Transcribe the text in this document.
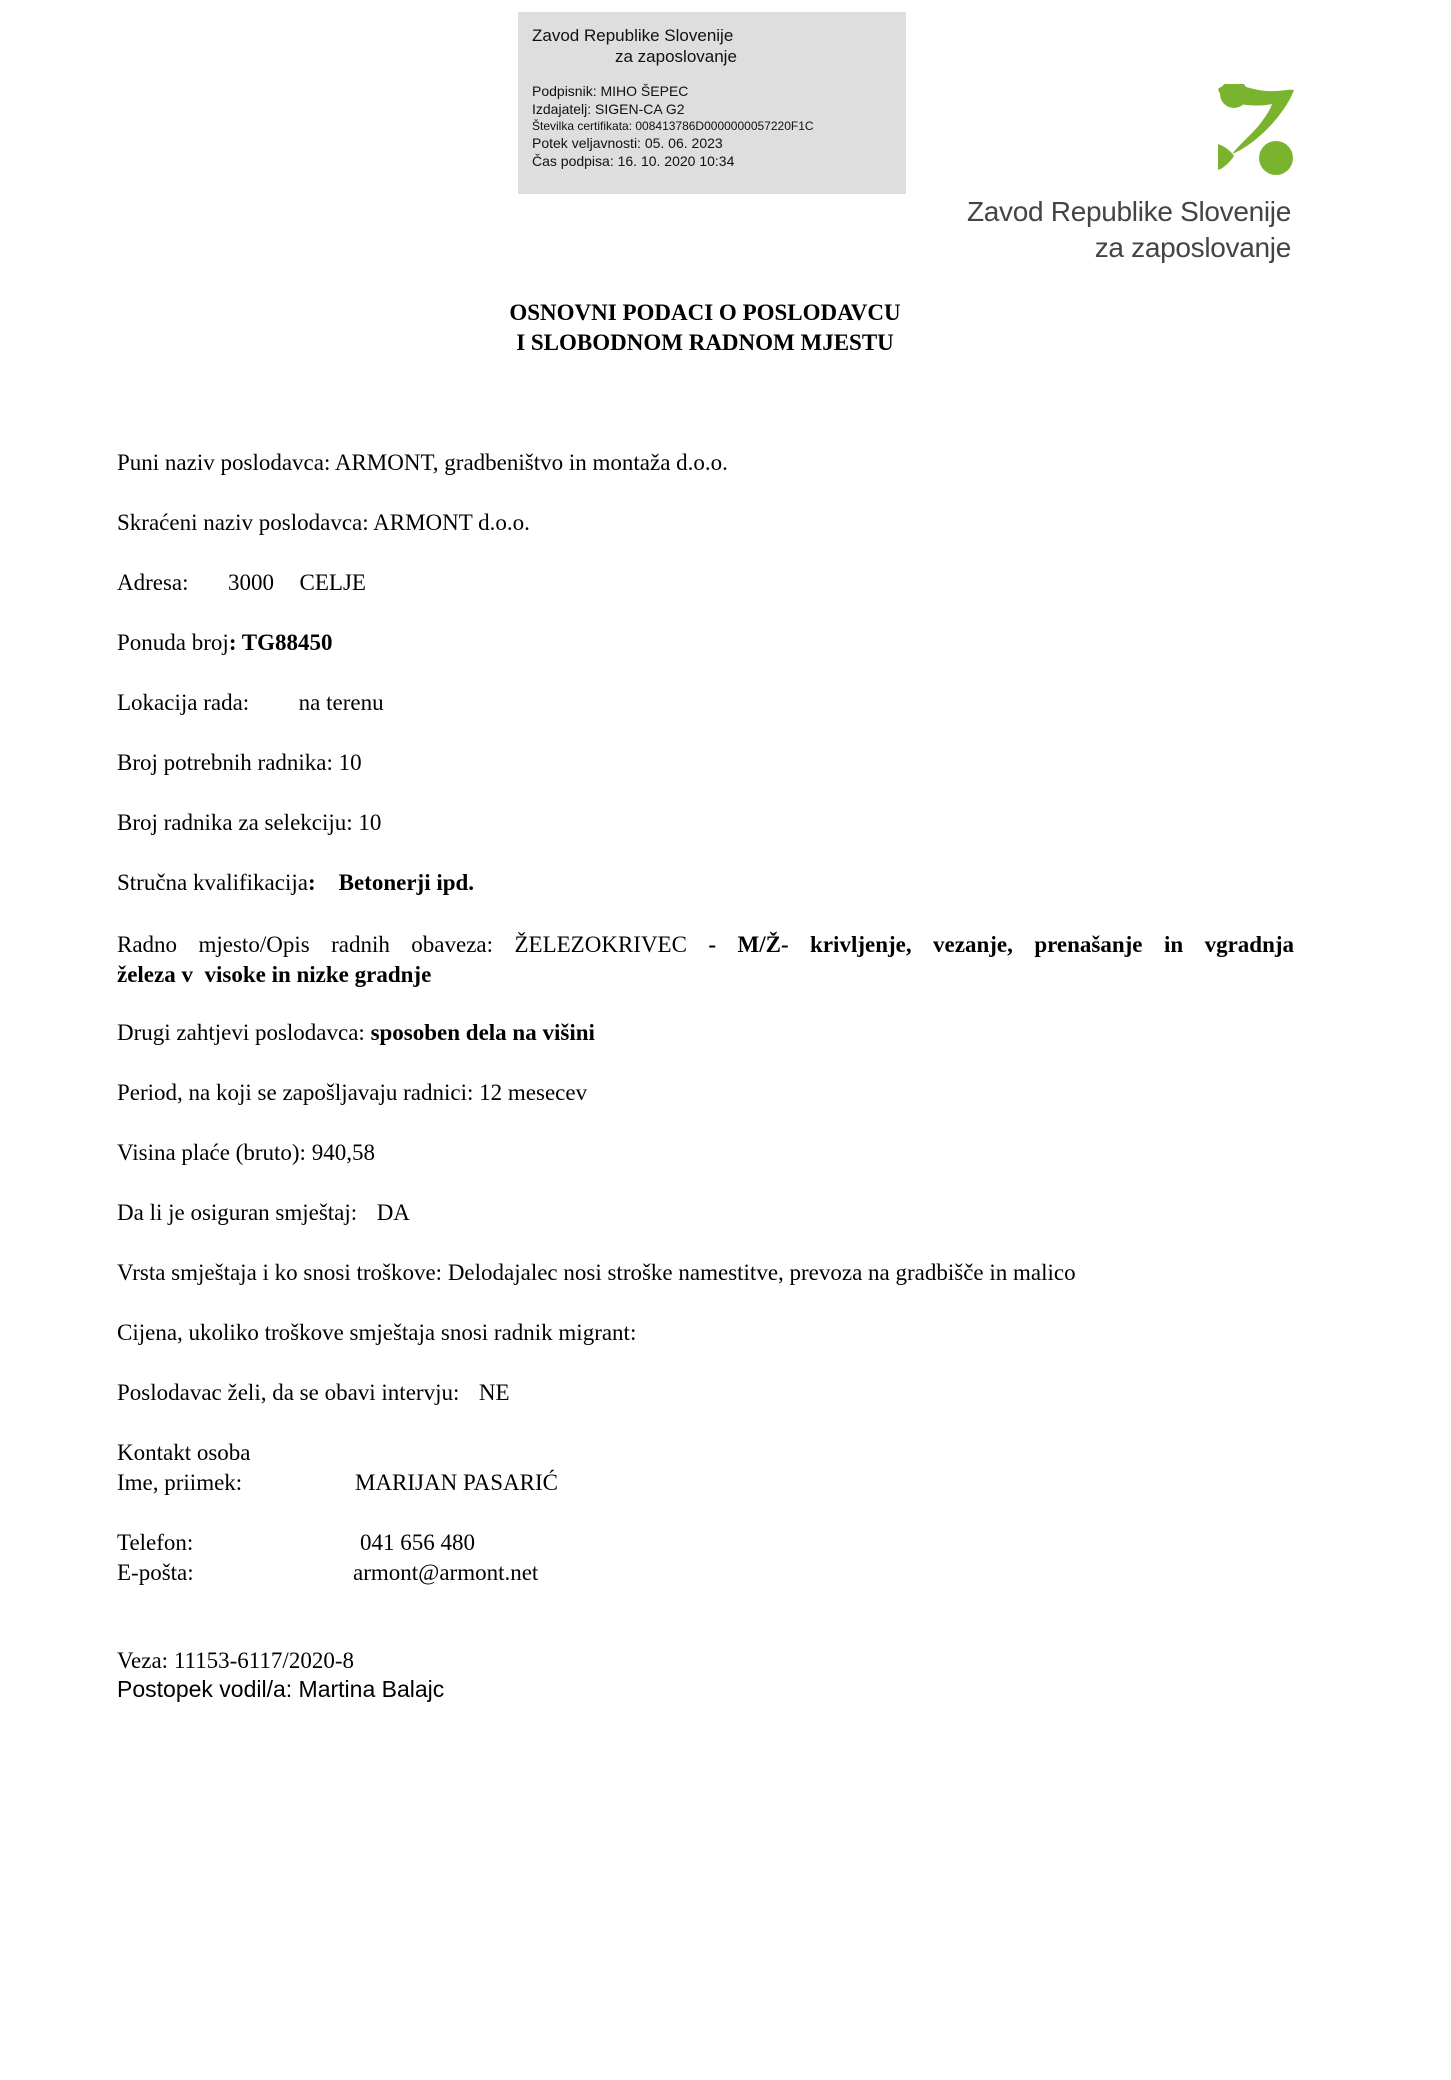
Zavod Republike Slovenije
za zaposlovanje
Podpisnik: MIHO ŠEPEC
Izdajatelj: SIGEN-CA G2
Številka certifikata: 008413786D0000000057220F1C
Potek veljavnosti: 05. 06. 2023
Čas podpisa: 16. 10. 2020 10:34
Zavod Republike Slovenije
za zaposlovanje
OSNOVNI PODACI O POSLODAVCU
I SLOBODNOM RADNOM MJESTU
Puni naziv poslodavca: ARMONT, gradbeništvo in montaža d.o.o.
Skraćeni naziv poslodavca: ARMONT d.o.o.
Adresa: 3000 CELJE
Ponuda broj: TG88450
Lokacija rada: na terenu
Broj potrebnih radnika: 10
Broj radnika za selekciju: 10
Stručna kvalifikacija:    Betonerji ipd.
Radno mjesto/Opis radnih obaveza: ŽELEZOKRIVEC - M/Ž- krivljenje, vezanje, prenašanje in vgradnja
železa v  visoke in nizke gradnje
Drugi zahtjevi poslodavca: sposoben dela na višini
Period, na koji se zapošljavaju radnici: 12 mesecev
Visina plaće (bruto): 940,58
Da li je osiguran smještaj: DA
Vrsta smještaja i ko snosi troškove: Delodajalec nosi stroške namestitve, prevoza na gradbišče in malico
Cijena, ukoliko troškove smještaja snosi radnik migrant:
Poslodavac želi, da se obavi intervju: NE
Kontakt osoba
Ime, priimek:	MARIJAN PASARIĆ
Telefon:	041 656 480
E-pošta:	armont@armont.net
Veza: 11153-6117/2020-8
Postopek vodil/a: Martina Balajc
